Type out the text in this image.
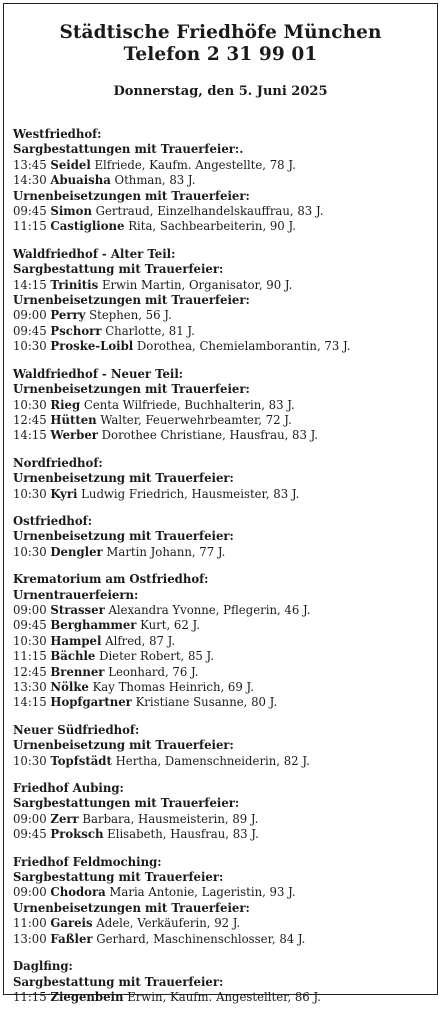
Städtische Friedhöfe München
Telefon 2 31 99 01
Donnerstag, den 5. Juni 2025
Westfriedhof:
Sargbestattungen mit Trauerfeier:.
13:45 Seidel Elfriede, Kaufm. Angestellte, 78 J.
14:30 Abuaisha Othman, 83 J.
Urnenbeisetzungen mit Trauerfeier:
09:45 Simon Gertraud, Einzelhandelskauffrau, 83 J.
11:15 Castiglione Rita, Sachbearbeiterin, 90 J.
Waldfriedhof - Alter Teil:
Sargbestattung mit Trauerfeier:
14:15 Trinitis Erwin Martin, Organisator, 90 J.
Urnenbeisetzungen mit Trauerfeier:
09:00 Perry Stephen, 56 J.
09:45 Pschorr Charlotte, 81 J.
10:30 Proske-Loibl Dorothea, Chemielamborantin, 73 J.
Waldfriedhof - Neuer Teil:
Urnenbeisetzungen mit Trauerfeier:
10:30 Rieg Centa Wilfriede, Buchhalterin, 83 J.
12:45 Hütten Walter, Feuerwehrbeamter, 72 J.
14:15 Werber Dorothee Christiane, Hausfrau, 83 J.
Nordfriedhof:
Urnenbeisetzung mit Trauerfeier:
10:30 Kyri Ludwig Friedrich, Hausmeister, 83 J.
Ostfriedhof:
Urnenbeisetzung mit Trauerfeier:
10:30 Dengler Martin Johann, 77 J.
Krematorium am Ostfriedhof:
Urnentrauerfeiern:
09:00 Strasser Alexandra Yvonne, Pflegerin, 46 J.
09:45 Berghammer Kurt, 62 J.
10:30 Hampel Alfred, 87 J.
11:15 Bächle Dieter Robert, 85 J.
12:45 Brenner Leonhard, 76 J.
13:30 Nölke Kay Thomas Heinrich, 69 J.
14:15 Hopfgartner Kristiane Susanne, 80 J.
Neuer Südfriedhof:
Urnenbeisetzung mit Trauerfeier:
10:30 Topfstädt Hertha, Damenschneiderin, 82 J.
Friedhof Aubing:
Sargbestattungen mit Trauerfeier:
09:00 Zerr Barbara, Hausmeisterin, 89 J.
09:45 Proksch Elisabeth, Hausfrau, 83 J.
Friedhof Feldmoching:
Sargbestattung mit Trauerfeier:
09:00 Chodora Maria Antonie, Lageristin, 93 J.
Urnenbeisetzungen mit Trauerfeier:
11:00 Gareis Adele, Verkäuferin, 92 J.
13:00 Faßler Gerhard, Maschinenschlosser, 84 J.
Daglfing:
Sargbestattung mit Trauerfeier:
11:15 Ziegenbein Erwin, Kaufm. Angestellter, 86 J.
